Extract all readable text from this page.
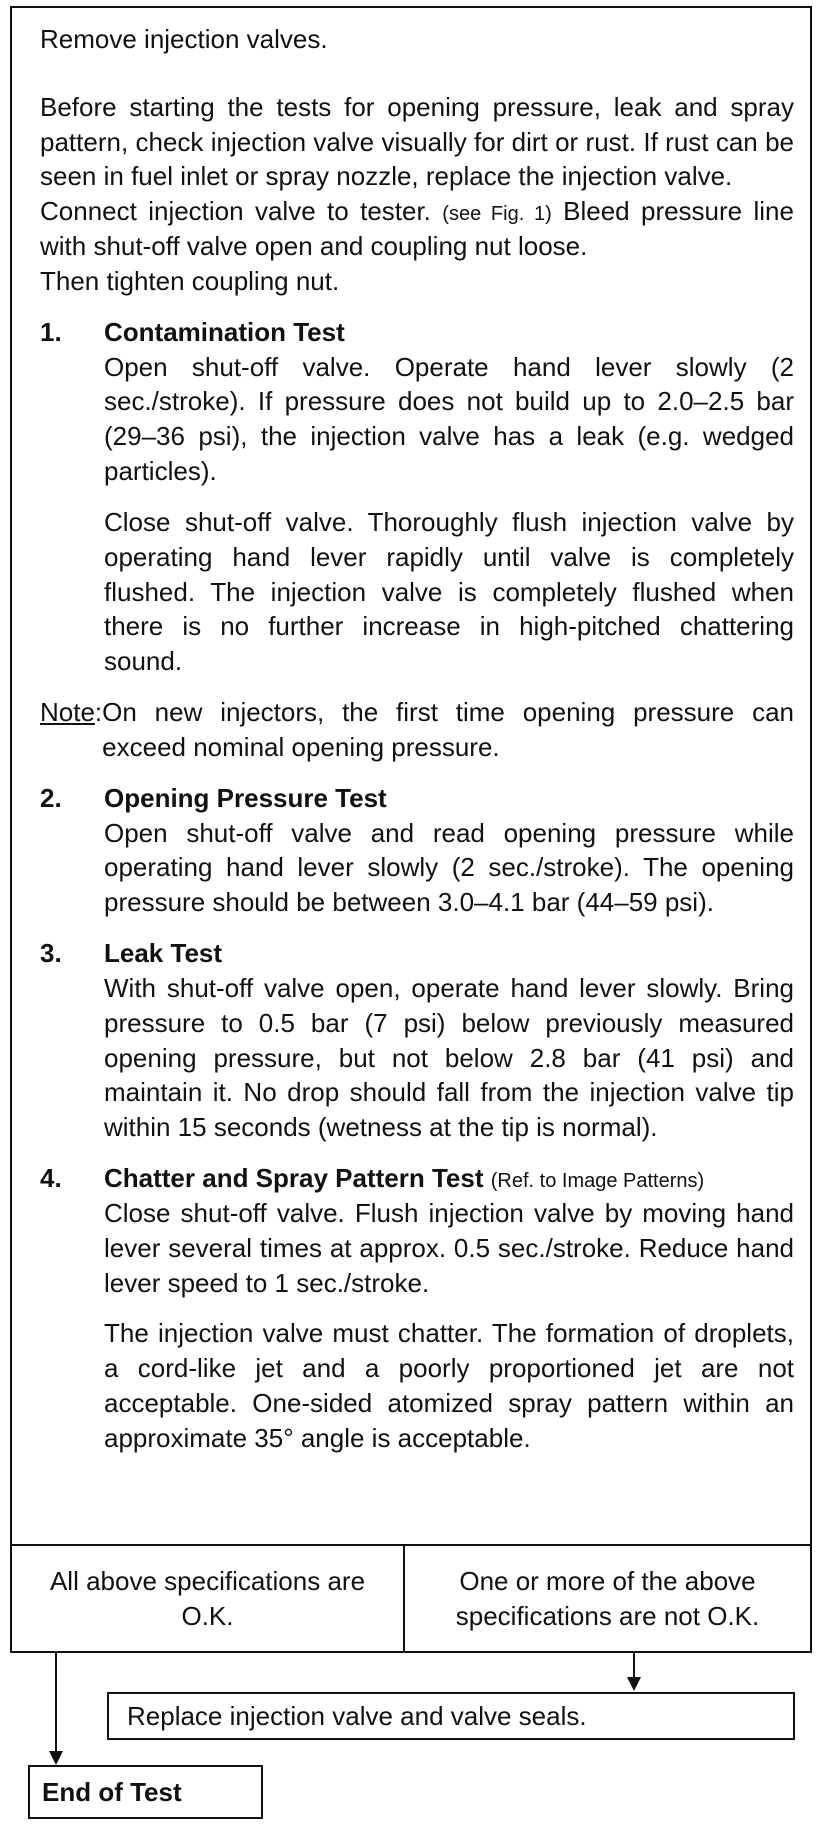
Remove injection valves.

Before starting the tests for opening pressure, leak and spray pattern, check injection valve visually for dirt or rust. If rust can be seen in fuel inlet or spray nozzle, replace the injection valve.

Connect injection valve to tester. (see Fig. 1) Bleed pressure line with shut-off valve open and coupling nut loose.

Then tighten coupling nut.

1.	Contamination Test
Open shut-off valve. Operate hand lever slowly (2 sec./stroke). If pressure does not build up to 2.0–2.5 bar (29–36 psi), the injection valve has a leak (e.g. wedged particles).
Close shut-off valve. Thoroughly flush injection valve by operating hand lever rapidly until valve is completely flushed. The injection valve is completely flushed when there is no further increase in high-pitched chattering sound.
Note: On new injectors, the first time opening pressure can exceed nominal opening pressure.
2.	Opening Pressure Test
Open shut-off valve and read opening pressure while operating hand lever slowly (2 sec./stroke). The opening pressure should be between 3.0–4.1 bar (44–59 psi).
3.	Leak Test
With shut-off valve open, operate hand lever slowly. Bring pressure to 0.5 bar (7 psi) below previously measured opening pressure, but not below 2.8 bar (41 psi) and maintain it. No drop should fall from the injection valve tip within 15 seconds (wetness at the tip is normal).
4.	Chatter and Spray Pattern Test (Ref. to Image Patterns)
Close shut-off valve. Flush injection valve by moving hand lever several times at approx. 0.5 sec./stroke. Reduce hand lever speed to 1 sec./stroke.
The injection valve must chatter. The formation of droplets, a cord-like jet and a poorly proportioned jet are not acceptable. One-sided atomized spray pattern within an approximate 35° angle is acceptable.
All above specifications are O.K.
One or more of the above specifications are not O.K.
Replace injection valve and valve seals.
End of Test
